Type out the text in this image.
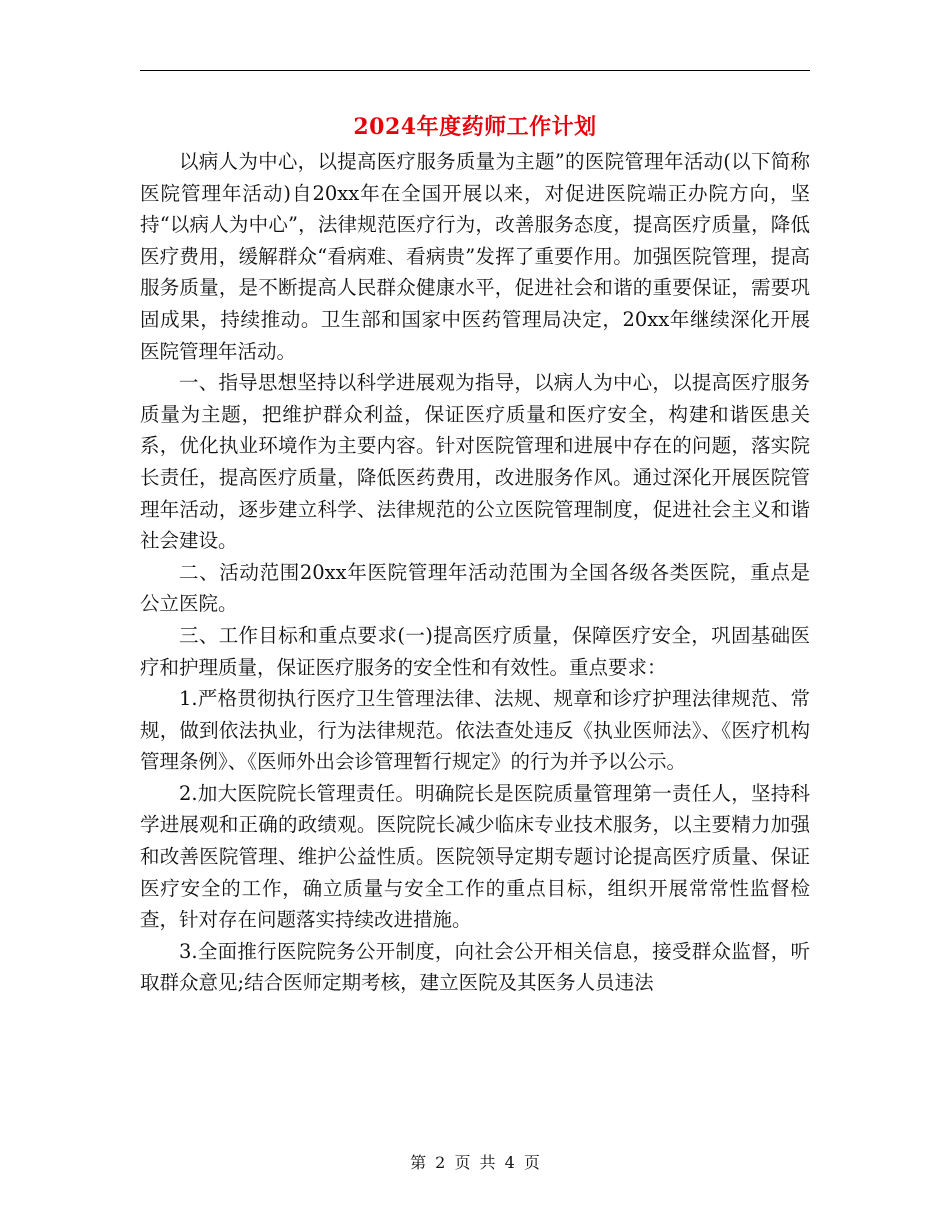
2024年度药师工作计划

以病人为中心，以提高医疗服务质量为主题”的医院管理年活动(以下简称医院管理年活动)自20xx年在全国开展以来，对促进医院端正办院方向，坚持“以病人为中心”，法律规范医疗行为，改善服务态度，提高医疗质量，降低医疗费用，缓解群众“看病难、看病贵”发挥了重要作用。加强医院管理，提高服务质量，是不断提高人民群众健康水平，促进社会和谐的重要保证，需要巩固成果，持续推动。卫生部和国家中医药管理局决定，20xx年继续深化开展医院管理年活动。

一、指导思想坚持以科学进展观为指导，以病人为中心，以提高医疗服务质量为主题，把维护群众利益，保证医疗质量和医疗安全，构建和谐医患关系，优化执业环境作为主要内容。针对医院管理和进展中存在的问题，落实院长责任，提高医疗质量，降低医药费用，改进服务作风。通过深化开展医院管理年活动，逐步建立科学、法律规范的公立医院管理制度，促进社会主义和谐社会建设。

二、活动范围20xx年医院管理年活动范围为全国各级各类医院，重点是公立医院。

三、工作目标和重点要求(一)提高医疗质量，保障医疗安全，巩固基础医疗和护理质量，保证医疗服务的安全性和有效性。重点要求：

1.严格贯彻执行医疗卫生管理法律、法规、规章和诊疗护理法律规范、常规，做到依法执业，行为法律规范。依法查处违反《执业医师法》、《医疗机构管理条例》、《医师外出会诊管理暂行规定》的行为并予以公示。

2.加大医院院长管理责任。明确院长是医院质量管理第一责任人，坚持科学进展观和正确的政绩观。医院院长减少临床专业技术服务，以主要精力加强和改善医院管理、维护公益性质。医院领导定期专题讨论提高医疗质量、保证医疗安全的工作，确立质量与安全工作的重点目标，组织开展常常性监督检查，针对存在问题落实持续改进措施。

3.全面推行医院院务公开制度，向社会公开相关信息，接受群众监督，听取群众意见;结合医师定期考核，建立医院及其医务人员违法

第 2 页 共 4 页
